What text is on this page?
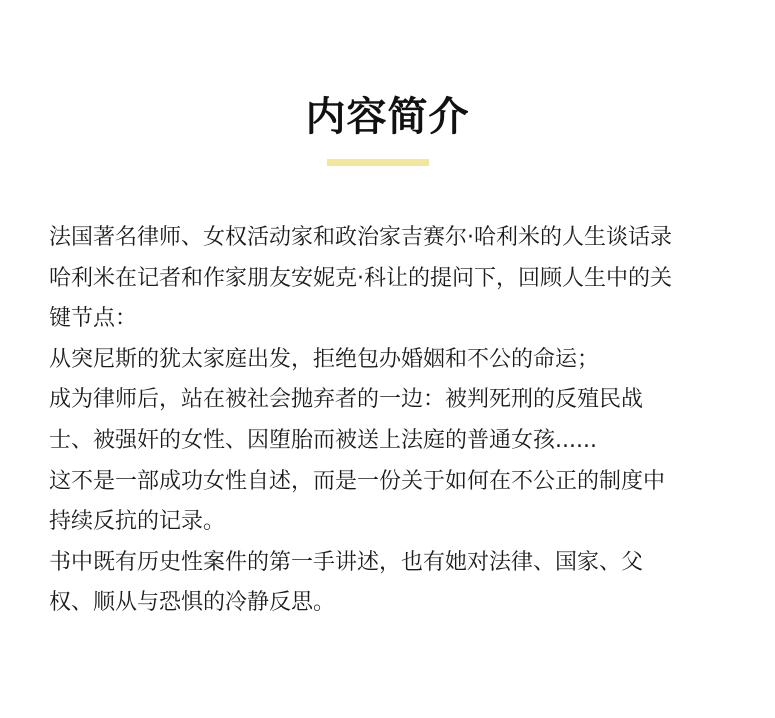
内容简介
法国著名律师、女权活动家和政治家吉赛尔·哈利米的人生谈话录
哈利米在记者和作家朋友安妮克·科让的提问下，回顾人生中的关
键节点：
从突尼斯的犹太家庭出发，拒绝包办婚姻和不公的命运；
成为律师后，站在被社会抛弃者的一边：被判死刑的反殖民战
士、被强奸的女性、因堕胎而被送上法庭的普通女孩......
这不是一部成功女性自述，而是一份关于如何在不公正的制度中
持续反抗的记录。
书中既有历史性案件的第一手讲述，也有她对法律、国家、父
权、顺从与恐惧的冷静反思。
